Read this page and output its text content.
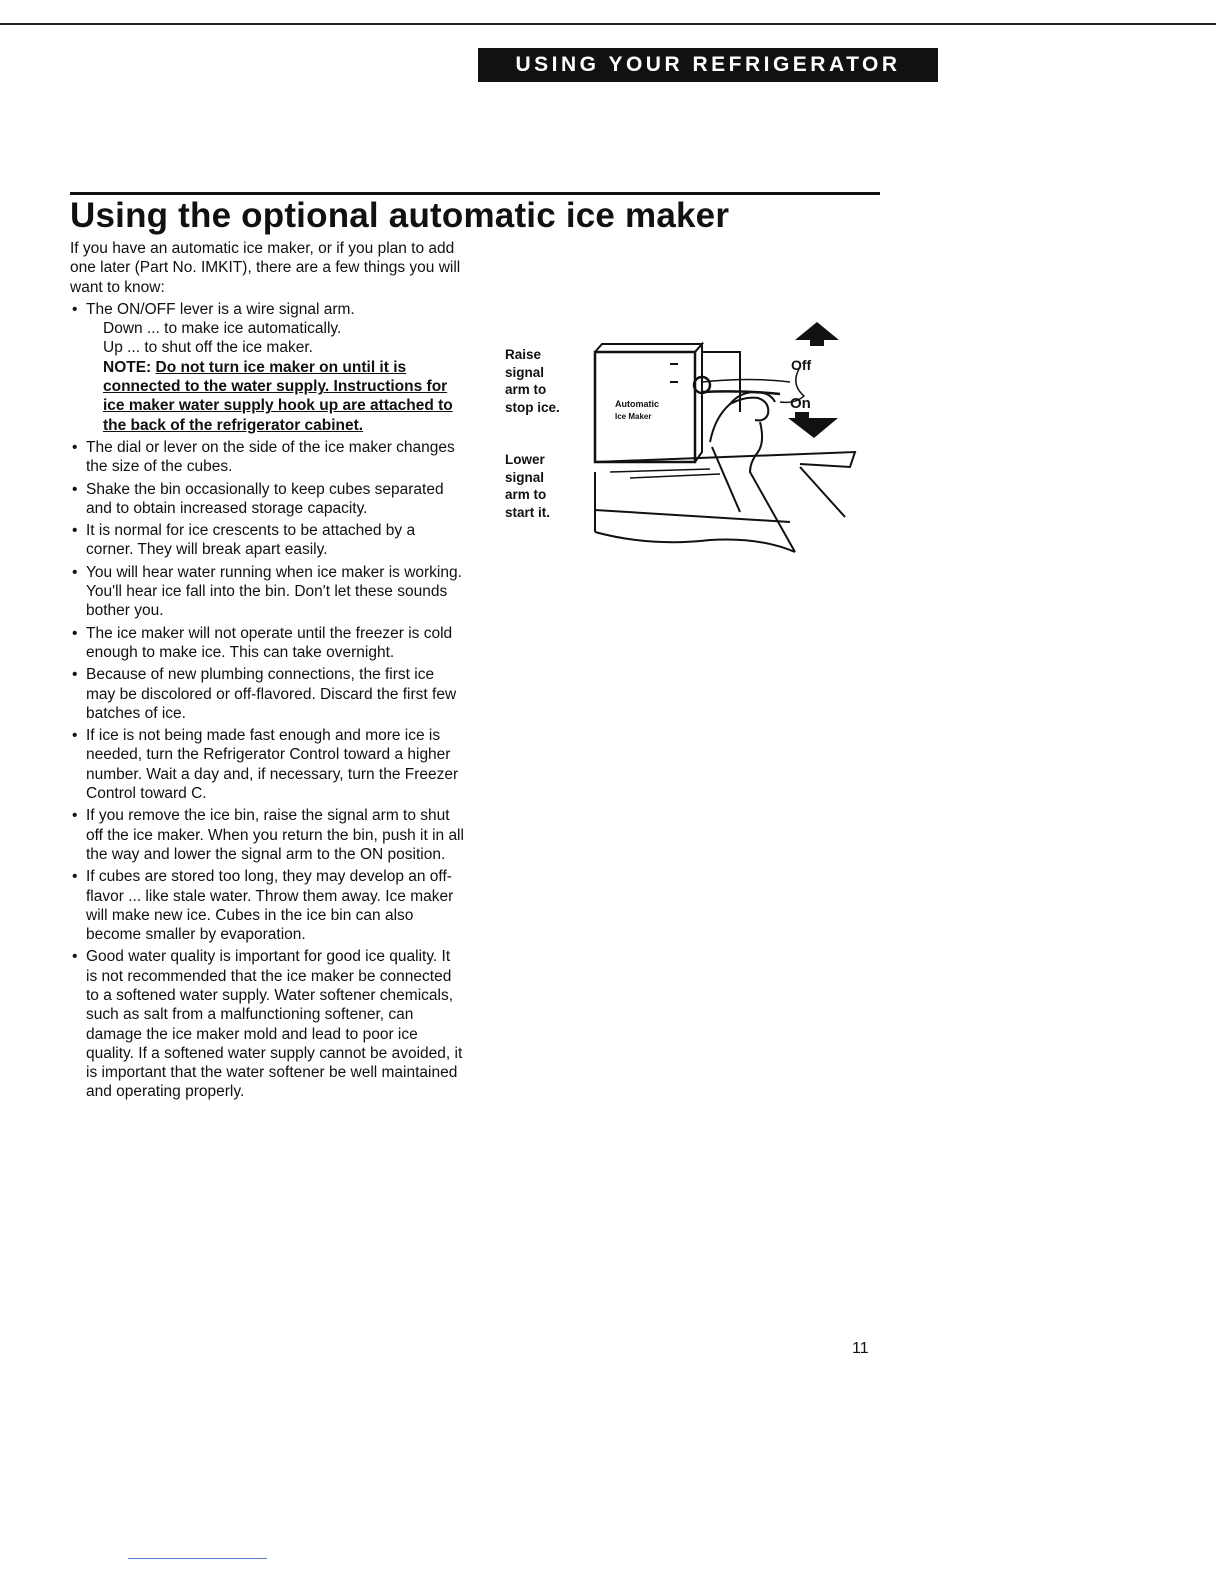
USING YOUR REFRIGERATOR
Using the optional automatic ice maker

If you have an automatic ice maker, or if you plan to add one later (Part No. IMKIT), there are a few things you will want to know:

• The ON/OFF lever is a wire signal arm.
Down ... to make ice automatically.
Up ... to shut off the ice maker.
NOTE: Do not turn ice maker on until it is connected to the water supply. Instructions for ice maker water supply hook up are attached to the back of the refrigerator cabinet.
• The dial or lever on the side of the ice maker changes the size of the cubes.
• Shake the bin occasionally to keep cubes separated and to obtain increased storage capacity.
• It is normal for ice crescents to be attached by a corner. They will break apart easily.
• You will hear water running when ice maker is working. You'll hear ice fall into the bin. Don't let these sounds bother you.
• The ice maker will not operate until the freezer is cold enough to make ice. This can take overnight.
• Because of new plumbing connections, the first ice may be discolored or off-flavored. Discard the first few batches of ice.
• If ice is not being made fast enough and more ice is needed, turn the Refrigerator Control toward a higher number. Wait a day and, if necessary, turn the Freezer Control toward C.
• If you remove the ice bin, raise the signal arm to shut off the ice maker. When you return the bin, push it in all the way and lower the signal arm to the ON position.
• If cubes are stored too long, they may develop an off-flavor ... like stale water. Throw them away. Ice maker will make new ice. Cubes in the ice bin can also become smaller by evaporation.
• Good water quality is important for good ice quality. It is not recommended that the ice maker be connected to a softened water supply. Water softener chemicals, such as salt from a malfunctioning softener, can damage the ice maker mold and lead to poor ice quality. If a softened water supply cannot be avoided, it is important that the water softener be well maintained and operating properly.
Raise
signal
arm to
stop ice.
Lower
signal
arm to
start it.
Off
On
Automatic
Ice Maker
11
